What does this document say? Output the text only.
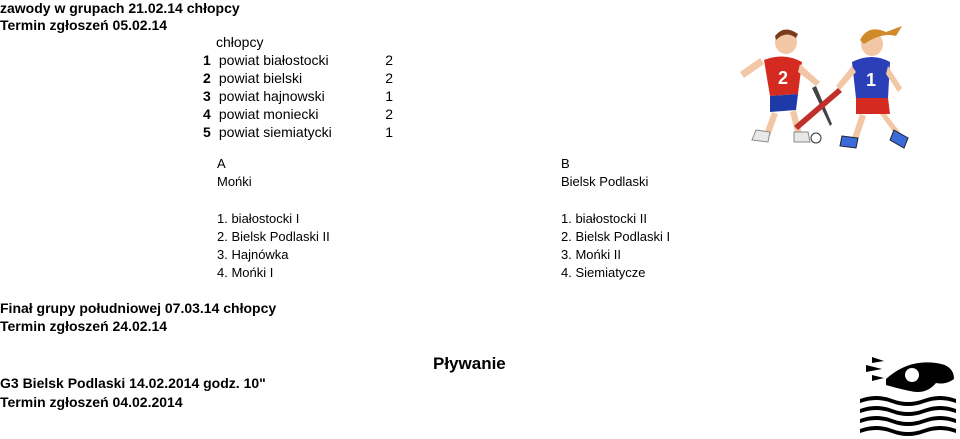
zawody w grupach 21.02.14 chłopcy
Termin zgłoszeń 05.02.14
chłopcy
1 powiat białostocki	2
2 powiat bielski	2
3 powiat hajnowski	1
4 powiat moniecki	2
5 powiat siemiatycki	1
A
Mońki
1. białostocki I
2. Bielsk Podlaski II
3. Hajnówka
4. Mońki I
B
Bielsk Podlaski
1. białostocki II
2. Bielsk Podlaski I
3. Mońki II
4. Siemiatycze
Finał grupy południowej 07.03.14 chłopcy
Termin zgłoszeń 24.02.14
Pływanie
G3 Bielsk Podlaski 14.02.2014 godz. 10"
Termin zgłoszeń 04.02.2014
2	1
